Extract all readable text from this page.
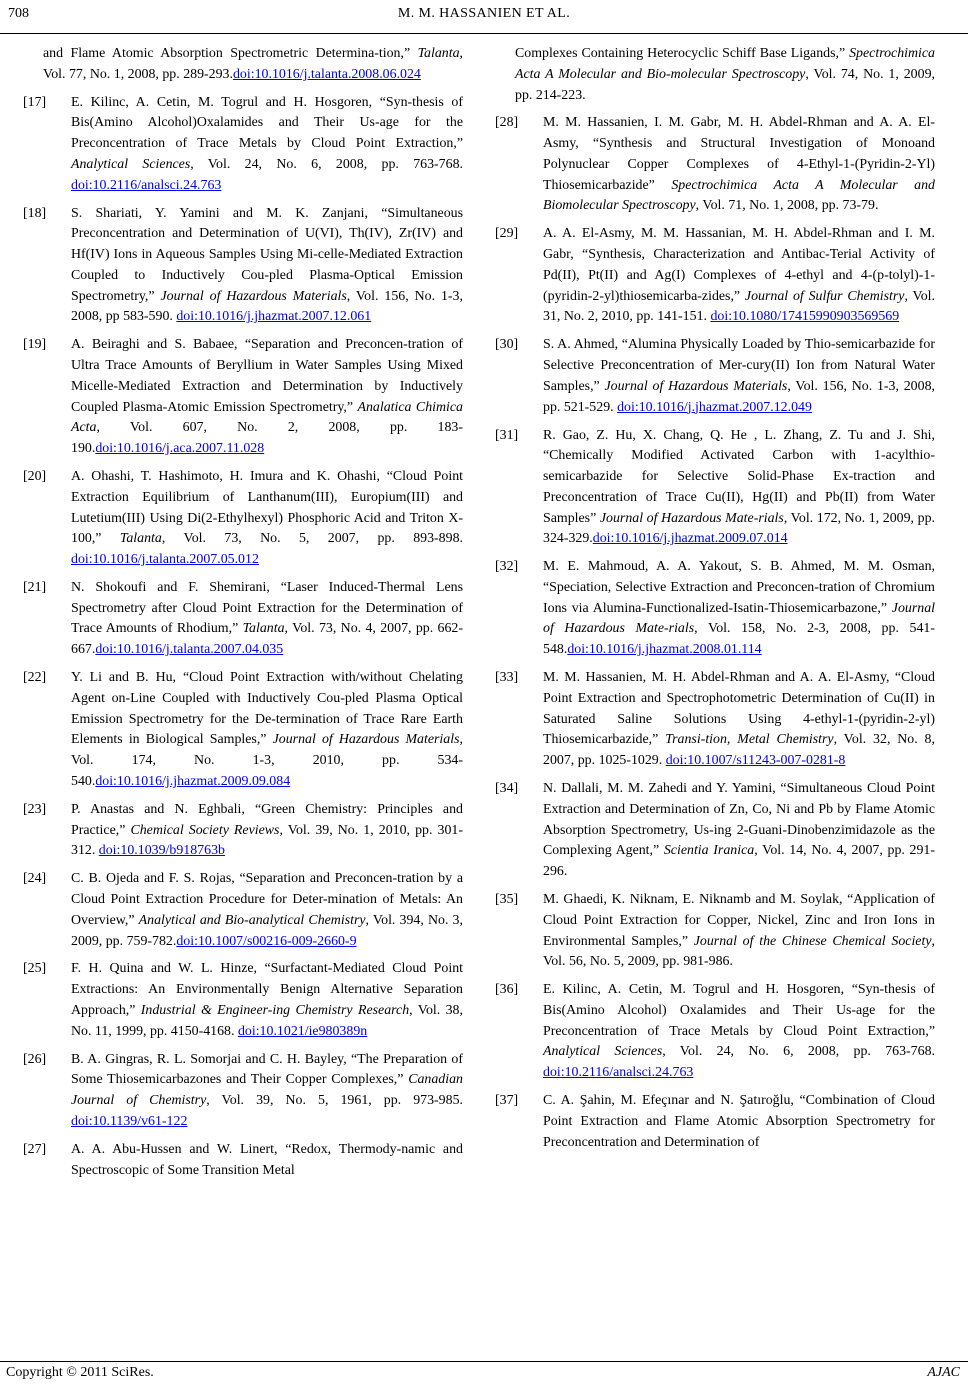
708	M. M. HASSANIEN ET AL.
and Flame Atomic Absorption Spectrometric Determina-tion,” Talanta, Vol. 77, No. 1, 2008, pp. 289-293.doi:10.1016/j.talanta.2008.06.024
[17] E. Kilinc, A. Cetin, M. Togrul and H. Hosgoren, “Syn-thesis of Bis(Amino Alcohol)Oxalamides and Their Us-age for the Preconcentration of Trace Metals by Cloud Point Extraction,” Analytical Sciences, Vol. 24, No. 6, 2008, pp. 763-768. doi:10.2116/analsci.24.763
[18] S. Shariati, Y. Yamini and M. K. Zanjani, “Simultaneous Preconcentration and Determination of U(VI), Th(IV), Zr(IV) and Hf(IV) Ions in Aqueous Samples Using Mi-celle-Mediated Extraction Coupled to Inductively Cou-pled Plasma-Optical Emission Spectrometry,” Journal of Hazardous Materials, Vol. 156, No. 1-3, 2008, pp 583-590. doi:10.1016/j.jhazmat.2007.12.061
[19] A. Beiraghi and S. Babaee, “Separation and Preconcen-tration of Ultra Trace Amounts of Beryllium in Water Samples Using Mixed Micelle-Mediated Extraction and Determination by Inductively Coupled Plasma-Atomic Emission Spectrometry,” Analatica Chimica Acta, Vol. 607, No. 2, 2008, pp. 183-190.doi:10.1016/j.aca.2007.11.028
[20] A. Ohashi, T. Hashimoto, H. Imura and K. Ohashi, “Cloud Point Extraction Equilibrium of Lanthanum(III), Europium(III) and Lutetium(III) Using Di(2-Ethylhexyl) Phosphoric Acid and Triton X-100,” Talanta, Vol. 73, No. 5, 2007, pp. 893-898. doi:10.1016/j.talanta.2007.05.012
[21] N. Shokoufi and F. Shemirani, “Laser Induced-Thermal Lens Spectrometry after Cloud Point Extraction for the Determination of Trace Amounts of Rhodium,” Talanta, Vol. 73, No. 4, 2007, pp. 662-667.doi:10.1016/j.talanta.2007.04.035
[22] Y. Li and B. Hu, “Cloud Point Extraction with/without Chelating Agent on-Line Coupled with Inductively Cou-pled Plasma Optical Emission Spectrometry for the De-termination of Trace Rare Earth Elements in Biological Samples,” Journal of Hazardous Materials, Vol. 174, No. 1-3, 2010, pp. 534-540.doi:10.1016/j.jhazmat.2009.09.084
[23] P. Anastas and N. Eghbali, “Green Chemistry: Principles and Practice,” Chemical Society Reviews, Vol. 39, No. 1, 2010, pp. 301-312. doi:10.1039/b918763b
[24] C. B. Ojeda and F. S. Rojas, “Separation and Preconcen-tration by a Cloud Point Extraction Procedure for Deter-mination of Metals: An Overview,” Analytical and Bio-analytical Chemistry, Vol. 394, No. 3, 2009, pp. 759-782.doi:10.1007/s00216-009-2660-9
[25] F. H. Quina and W. L. Hinze, “Surfactant-Mediated Cloud Point Extractions: An Environmentally Benign Alternative Separation Approach,” Industrial & Engineer-ing Chemistry Research, Vol. 38, No. 11, 1999, pp. 4150-4168. doi:10.1021/ie980389n
[26] B. A. Gingras, R. L. Somorjai and C. H. Bayley, “The Preparation of Some Thiosemicarbazones and Their Copper Complexes,” Canadian Journal of Chemistry, Vol. 39, No. 5, 1961, pp. 973-985. doi:10.1139/v61-122
[27] A. A. Abu-Hussen and W. Linert, “Redox, Thermody-namic and Spectroscopic of Some Transition Metal
Complexes Containing Heterocyclic Schiff Base Ligands,” Spectrochimica Acta A Molecular and Bio-molecular Spectroscopy, Vol. 74, No. 1, 2009, pp. 214-223.
[28] M. M. Hassanien, I. M. Gabr, M. H. Abdel-Rhman and A. A. El-Asmy, “Synthesis and Structural Investigation of Monoand Polynuclear Copper Complexes of 4-Ethyl-1-(Pyridin-2-Yl) Thiosemicarbazide” Spectrochimica Acta A Molecular and Biomolecular Spectroscopy, Vol. 71, No. 1, 2008, pp. 73-79.
[29] A. A. El-Asmy, M. M. Hassanian, M. H. Abdel-Rhman and I. M. Gabr, “Synthesis, Characterization and Antibac-Terial Activity of Pd(II), Pt(II) and Ag(I) Complexes of 4-ethyl and 4-(p-tolyl)-1-(pyridin-2-yl)thiosemicarba-zides,” Journal of Sulfur Chemistry, Vol. 31, No. 2, 2010, pp. 141-151. doi:10.1080/17415990903569569
[30] S. A. Ahmed, “Alumina Physically Loaded by Thio-semicarbazide for Selective Preconcentration of Mer-cury(II) Ion from Natural Water Samples,” Journal of Hazardous Materials, Vol. 156, No. 1-3, 2008, pp. 521-529. doi:10.1016/j.jhazmat.2007.12.049
[31] R. Gao, Z. Hu, X. Chang, Q. He , L. Zhang, Z. Tu and J. Shi, “Chemically Modified Activated Carbon with 1-acylthio-semicarbazide for Selective Solid-Phase Ex-traction and Preconcentration of Trace Cu(II), Hg(II) and Pb(II) from Water Samples” Journal of Hazardous Mate-rials, Vol. 172, No. 1, 2009, pp. 324-329.doi:10.1016/j.jhazmat.2009.07.014
[32] M. E. Mahmoud, A. A. Yakout, S. B. Ahmed, M. M. Osman, “Speciation, Selective Extraction and Preconcen-tration of Chromium Ions via Alumina-Functionalized-Isatin-Thiosemicarbazone,” Journal of Hazardous Mate-rials, Vol. 158, No. 2-3, 2008, pp. 541-548.doi:10.1016/j.jhazmat.2008.01.114
[33] M. M. Hassanien, M. H. Abdel-Rhman and A. A. El-Asmy, “Cloud Point Extraction and Spectrophotometric Determination of Cu(II) in Saturated Saline Solutions Using 4-ethyl-1-(pyridin-2-yl) Thiosemicarbazide,” Transi-tion, Metal Chemistry, Vol. 32, No. 8, 2007, pp. 1025-1029. doi:10.1007/s11243-007-0281-8
[34] N. Dallali, M. M. Zahedi and Y. Yamini, “Simultaneous Cloud Point Extraction and Determination of Zn, Co, Ni and Pb by Flame Atomic Absorption Spectrometry, Us-ing 2-Guani-Dinobenzimidazole as the Complexing Agent,” Scientia Iranica, Vol. 14, No. 4, 2007, pp. 291-296.
[35] M. Ghaedi, K. Niknam, E. Niknamb and M. Soylak, “Application of Cloud Point Extraction for Copper, Nickel, Zinc and Iron Ions in Environmental Samples,” Journal of the Chinese Chemical Society, Vol. 56, No. 5, 2009, pp. 981-986.
[36] E. Kilinc, A. Cetin, M. Togrul and H. Hosgoren, “Syn-thesis of Bis(Amino Alcohol) Oxalamides and Their Us-age for the Preconcentration of Trace Metals by Cloud Point Extraction,” Analytical Sciences, Vol. 24, No. 6, 2008, pp. 763-768. doi:10.2116/analsci.24.763
[37] C. A. Şahin, M. Efeçınar and N. Şatıroğlu, “Combination of Cloud Point Extraction and Flame Atomic Absorption Spectrometry for Preconcentration and Determination of
Copyright © 2011 SciRes.	AJAC
